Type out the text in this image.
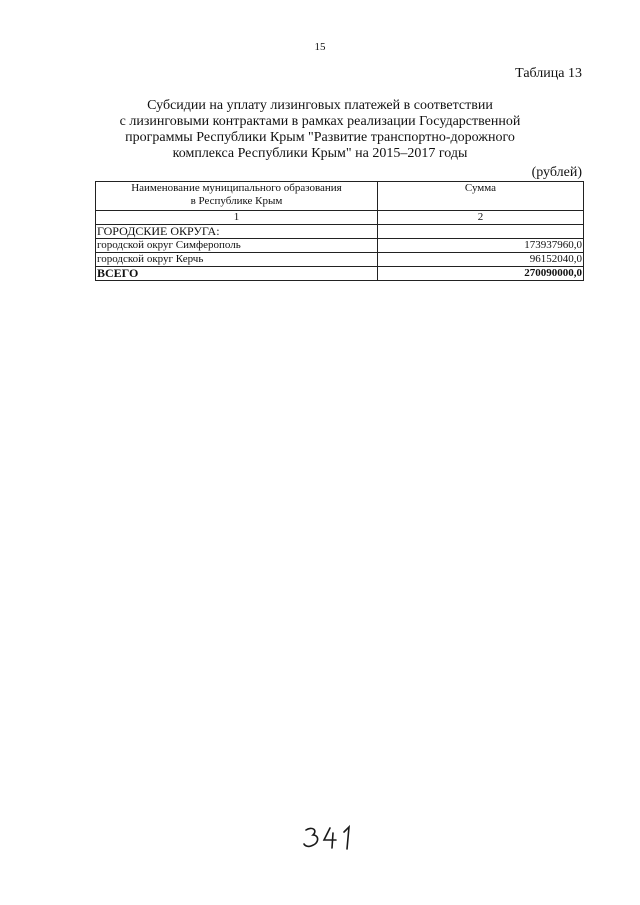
15
Таблица 13
Субсидии на уплату лизинговых платежей в соответствии
с лизинговыми контрактами в рамках реализации Государственной
программы Республики Крым "Развитие транспортно-дорожного
комплекса Республики Крым" на 2015–2017 годы
(рублей)
Наименование муниципального образования
в Республике Крым	Сумма
1	2
ГОРОДСКИЕ ОКРУГА:	
городской округ Симферополь	173937960,0
городской округ Керчь	96152040,0
ВСЕГО	270090000,0
